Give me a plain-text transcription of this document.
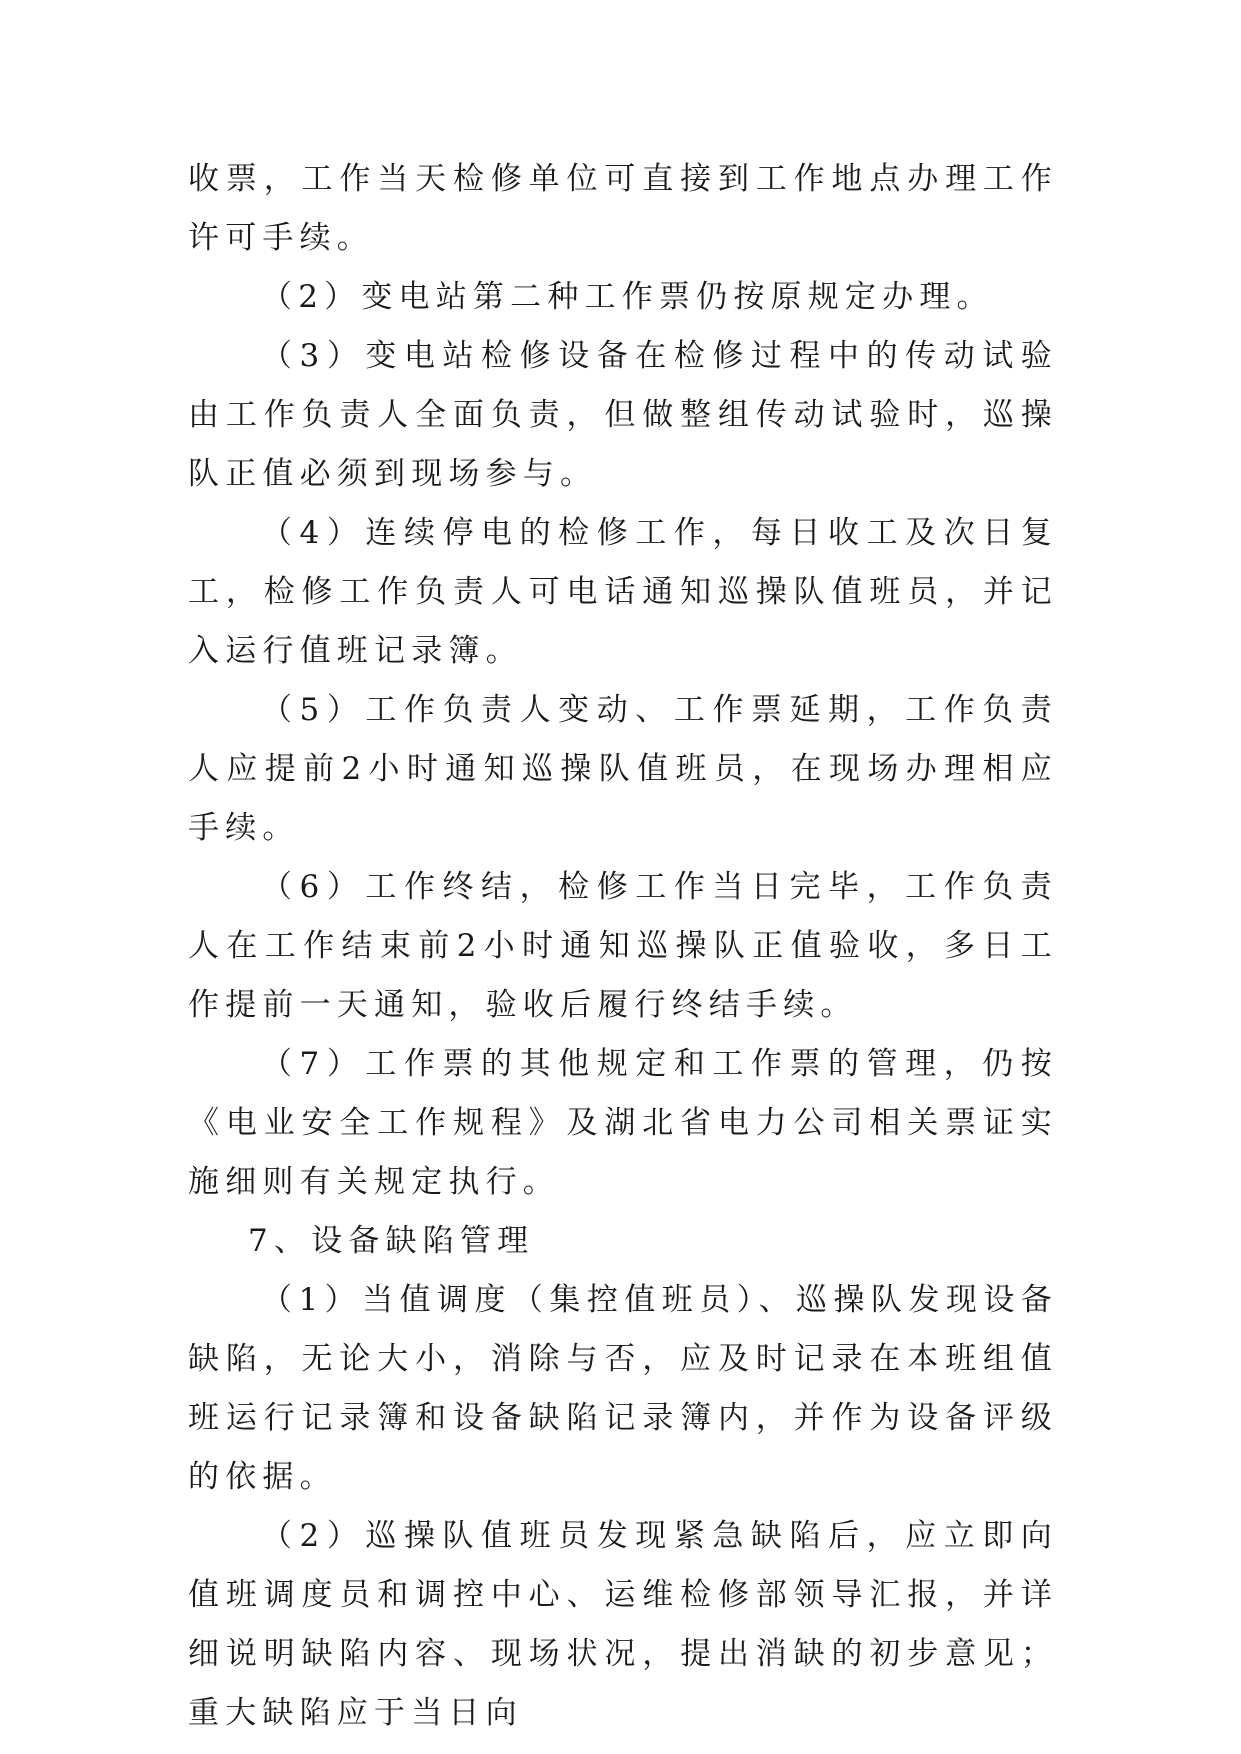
收票，工作当天检修单位可直接到工作地点办理工作许可手续。

（2）变电站第二种工作票仍按原规定办理。

（3）变电站检修设备在检修过程中的传动试验由工作负责人全面负责，但做整组传动试验时，巡操队正值必须到现场参与。

（4）连续停电的检修工作，每日收工及次日复工，检修工作负责人可电话通知巡操队值班员，并记入运行值班记录簿。

（5）工作负责人变动、工作票延期，工作负责人应提前2小时通知巡操队值班员，在现场办理相应手续。

（6）工作终结，检修工作当日完毕，工作负责人在工作结束前2小时通知巡操队正值验收，多日工作提前一天通知，验收后履行终结手续。

（7）工作票的其他规定和工作票的管理，仍按《电业安全工作规程》及湖北省电力公司相关票证实施细则有关规定执行。

7、设备缺陷管理

（1）当值调度（集控值班员）、巡操队发现设备缺陷，无论大小，消除与否，应及时记录在本班组值班运行记录簿和设备缺陷记录簿内，并作为设备评级的依据。

（2）巡操队值班员发现紧急缺陷后，应立即向值班调度员和调控中心、运维检修部领导汇报，并详细说明缺陷内容、现场状况，提出消缺的初步意见；重大缺陷应于当日向
